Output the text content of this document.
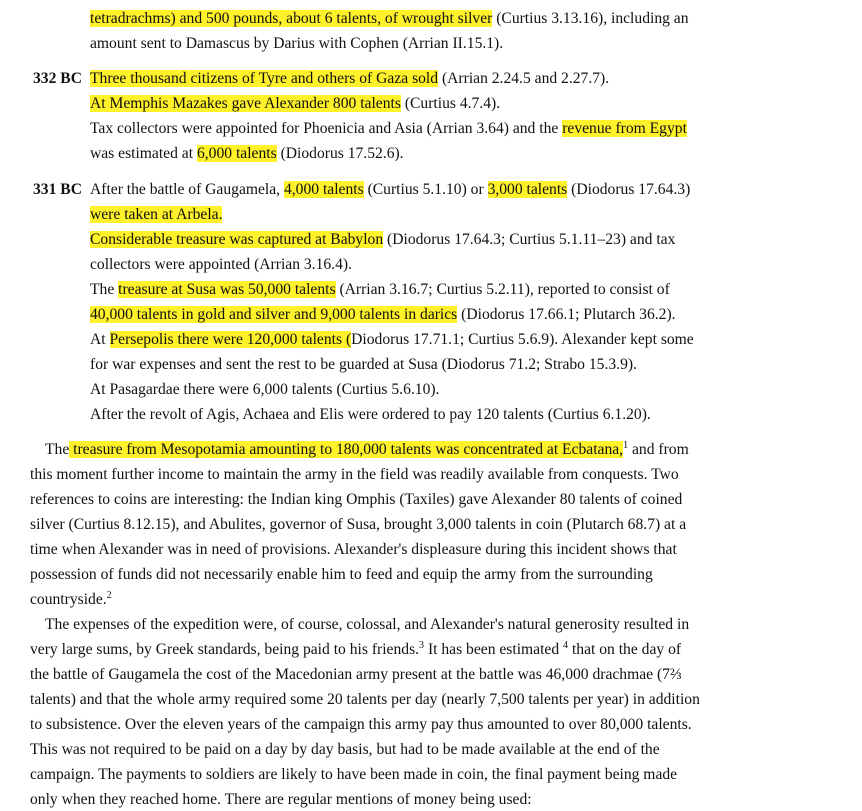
tetradrachms) and 500 pounds, about 6 talents, of wrought silver (Curtius 3.13.16), including an
amount sent to Damascus by Darius with Cophen (Arrian II.15.1).
332 BC Three thousand citizens of Tyre and others of Gaza sold (Arrian 2.24.5 and 2.27.7).
At Memphis Mazakes gave Alexander 800 talents (Curtius 4.7.4).
Tax collectors were appointed for Phoenicia and Asia (Arrian 3.64) and the revenue from Egypt
was estimated at 6,000 talents (Diodorus 17.52.6).
331 BC After the battle of Gaugamela, 4,000 talents (Curtius 5.1.10) or 3,000 talents (Diodorus 17.64.3)
were taken at Arbela.
Considerable treasure was captured at Babylon (Diodorus 17.64.3; Curtius 5.1.11–23) and tax
collectors were appointed (Arrian 3.16.4).
The treasure at Susa was 50,000 talents (Arrian 3.16.7; Curtius 5.2.11), reported to consist of
40,000 talents in gold and silver and 9,000 talents in darics (Diodorus 17.66.1; Plutarch 36.2).
At Persepolis there were 120,000 talents (Diodorus 17.71.1; Curtius 5.6.9). Alexander kept some
for war expenses and sent the rest to be guarded at Susa (Diodorus 71.2; Strabo 15.3.9).
At Pasagardae there were 6,000 talents (Curtius 5.6.10).
After the revolt of Agis, Achaea and Elis were ordered to pay 120 talents (Curtius 6.1.20).
The treasure from Mesopotamia amounting to 180,000 talents was concentrated at Ecbatana,$^1$ and from
this moment further income to maintain the army in the field was readily available from conquests. Two
references to coins are interesting: the Indian king Omphis (Taxiles) gave Alexander 80 talents of coined
silver (Curtius 8.12.15), and Abulites, governor of Susa, brought 3,000 talents in coin (Plutarch 68.7) at a
time when Alexander was in need of provisions. Alexander's displeasure during this incident shows that
possession of funds did not necessarily enable him to feed and equip the army from the surrounding
countryside.$^2$
The expenses of the expedition were, of course, colossal, and Alexander's natural generosity resulted in
very large sums, by Greek standards, being paid to his friends.$^3$ It has been estimated $^4$ that on the day of
the battle of Gaugamela the cost of the Macedonian army present at the battle was 46,000 drachmae (7⅔
talents) and that the whole army required some 20 talents per day (nearly 7,500 talents per year) in addition
to subsistence. Over the eleven years of the campaign this army pay thus amounted to over 80,000 talents.
This was not required to be paid on a day by day basis, but had to be made available at the end of the
campaign. The payments to soldiers are likely to have been made in coin, the final payment being made
only when they reached home. There are regular mentions of money being used:
